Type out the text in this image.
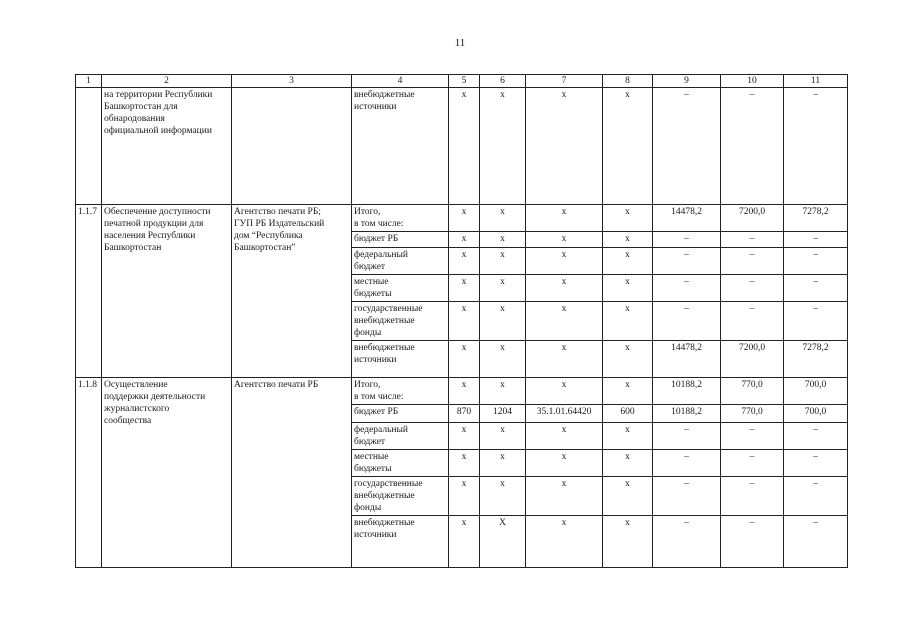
11
1	2	3	4	5	6	7	8	9	10	11

	на территории Республики
Башкортостан для
обнародования
официальной информации		внебюджетные
источники	х	х	х	х	–	–	–
1.1.7	Обеспечение доступности
печатной продукции для
населения Республики
Башкортостан	Агентство печати РБ;
ГУП РБ Издательский
дом “Республика
Башкортостан”	Итого,
в том числе:	х	х	х	х	14478,2	7200,0	7278,2

			бюджет РБ	х	х	х	х	–	–	–

			федеральный
бюджет	х	х	х	х	–	–	–

			местные
бюджеты	х	х	х	х	–	–	–

			государственные
внебюджетные
фонды	х	х	х	х	–	–	–

			внебюджетные
источники	х	х	х	х	14478,2	7200,0	7278,2
1.1.8	Осуществление
поддержки деятельности
журналистского
сообщества	Агентство печати РБ	Итого,
в том числе:	х	х	х	х	10188,2	770,0	700,0

			бюджет РБ	870	1204	35.1.01.64420	600	10188,2	770,0	700,0

			федеральный
бюджет	х	х	х	х	–	–	–

			местные
бюджеты	х	х	х	х	–	–	–

			государственные
внебюджетные
фонды	х	х	х	х	–	–	–

			внебюджетные
источники	х	Х	х	х	–	–	–
